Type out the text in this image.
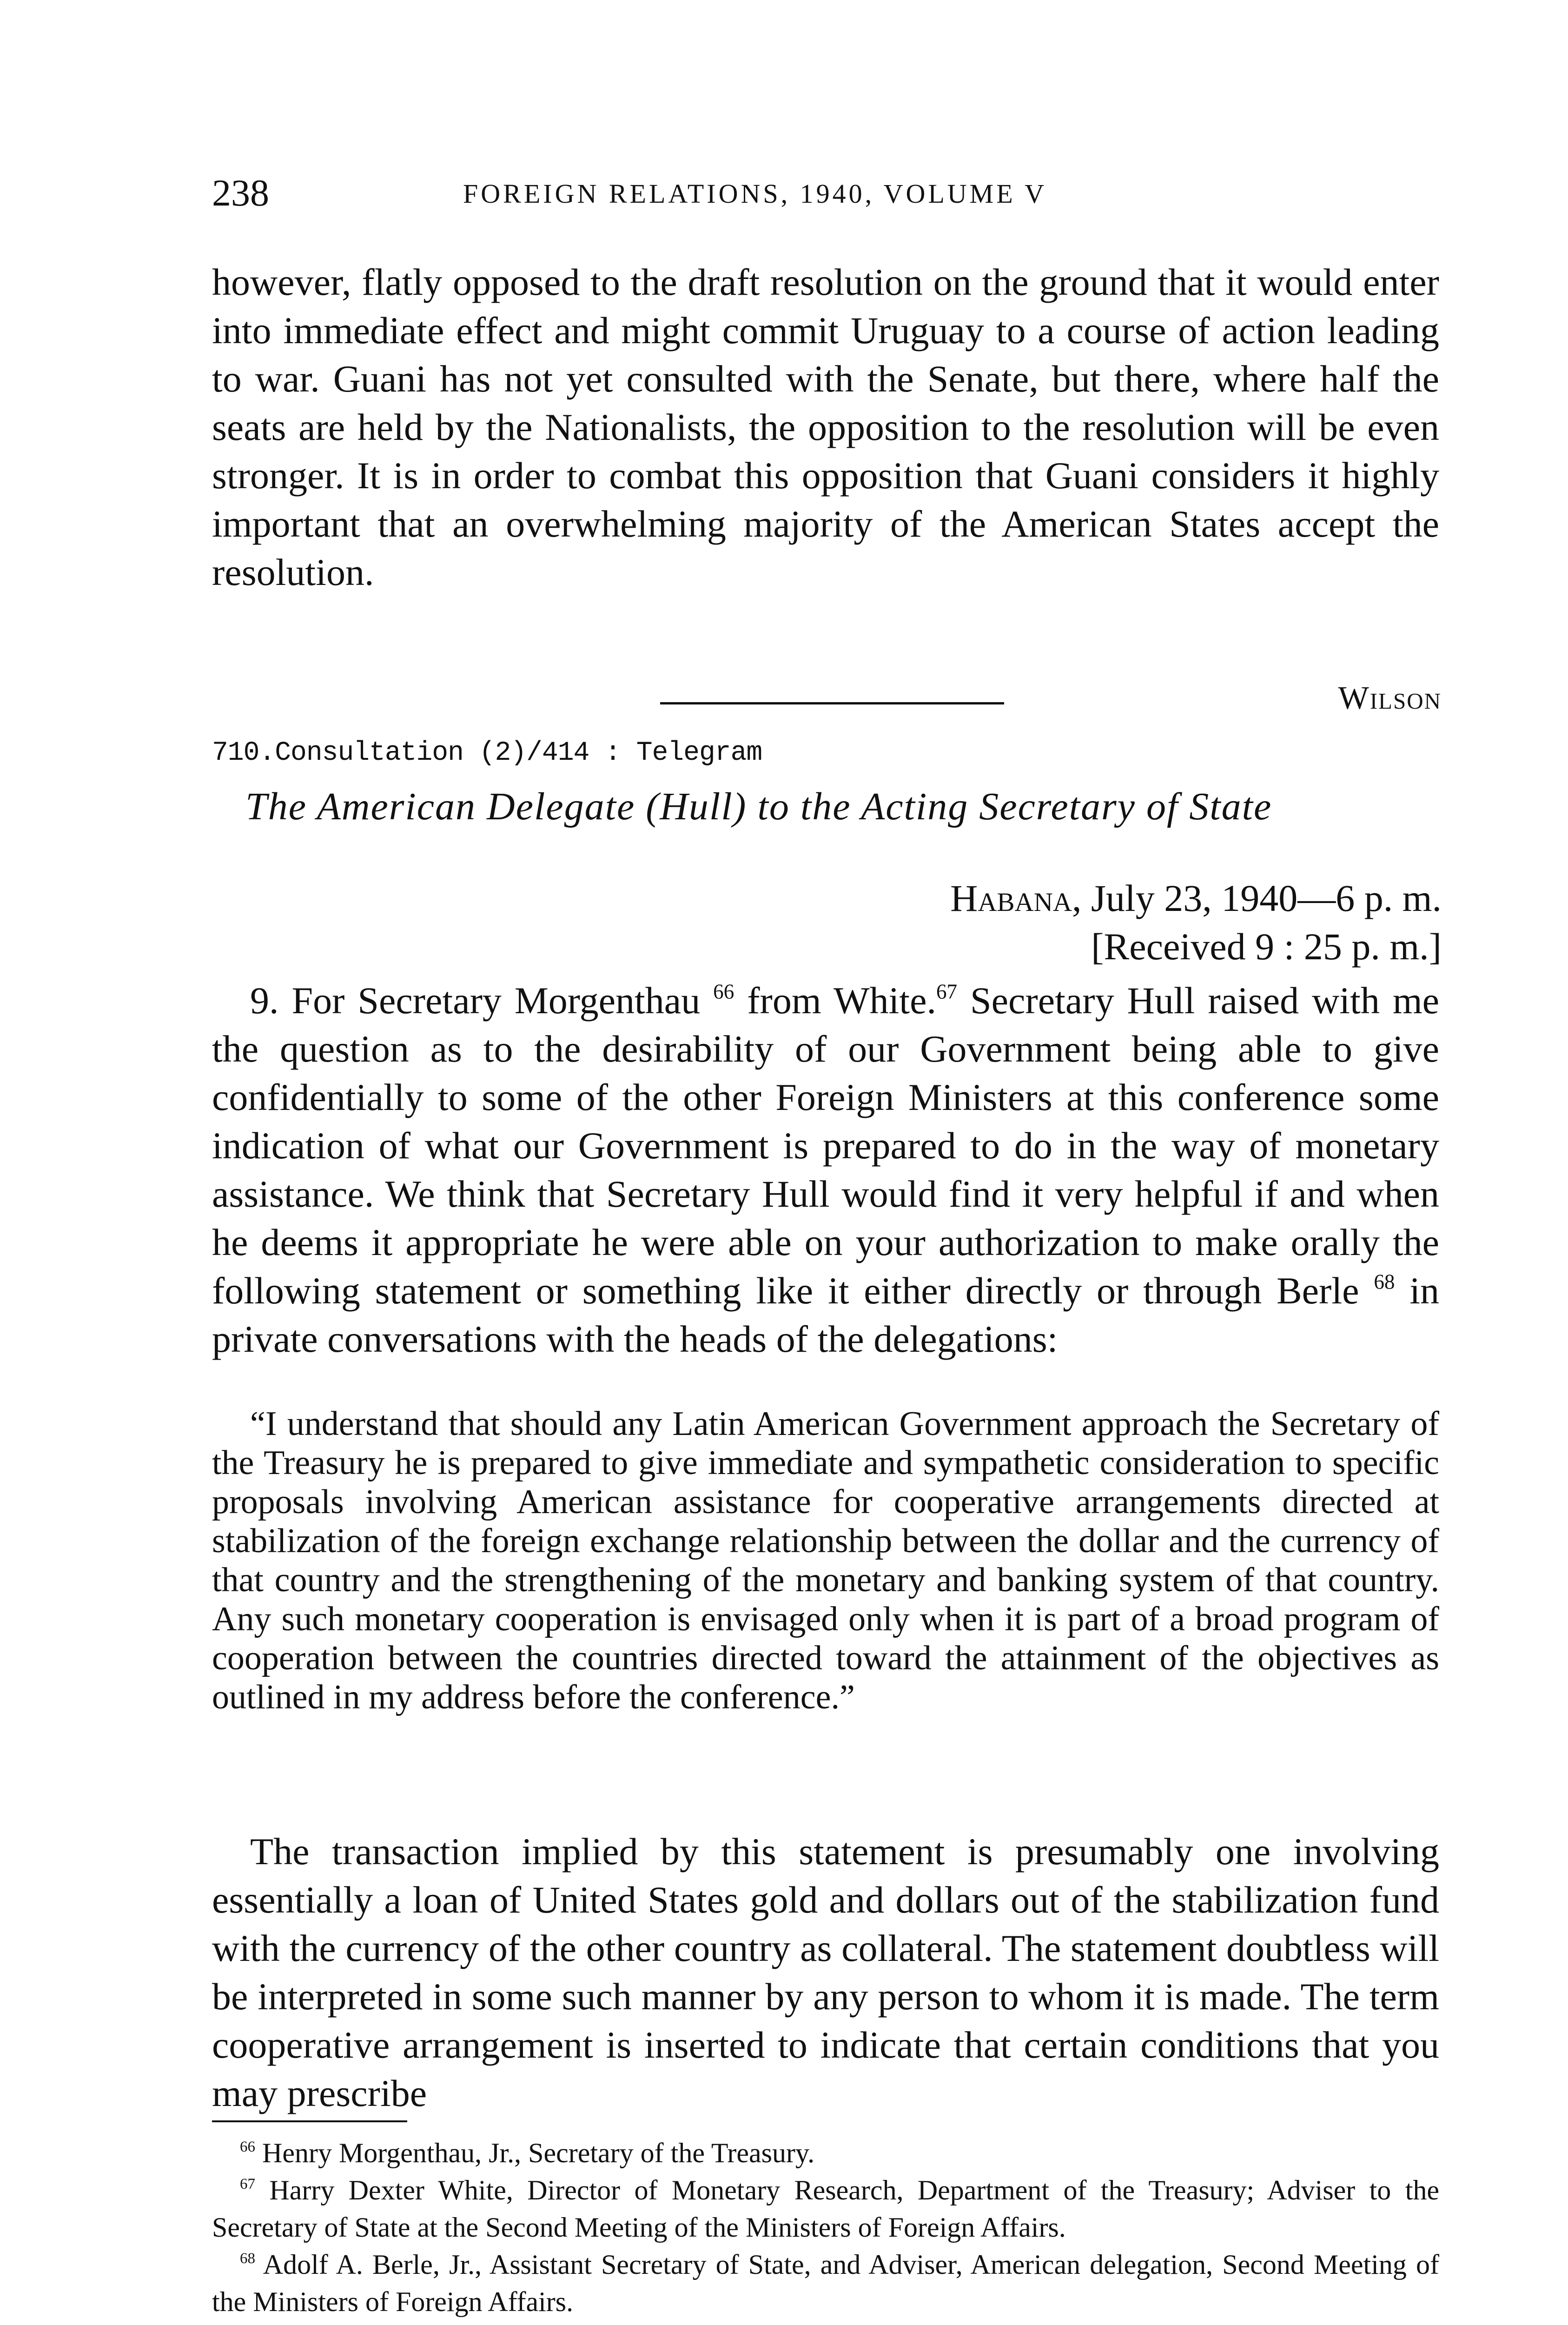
238	FOREIGN RELATIONS, 1940, VOLUME V

however, flatly opposed to the draft resolution on the ground that it would enter into immediate effect and might commit Uruguay to a course of action leading to war. Guani has not yet consulted with the Senate, but there, where half the seats are held by the Nationalists, the opposition to the resolution will be even stronger. It is in order to combat this opposition that Guani considers it highly important that an overwhelming majority of the American States accept the resolution.

Wilson
710.Consultation (2)/414 : Telegram
The American Delegate (Hull) to the Acting Secretary of State
Habana, July 23, 1940—6 p. m.
[Received 9 : 25 p. m.]

9. For Secretary Morgenthau $^{66}$ from White.$^{67}$ Secretary Hull raised with me the question as to the desirability of our Government being able to give confidentially to some of the other Foreign Ministers at this conference some indication of what our Government is prepared to do in the way of monetary assistance. We think that Secretary Hull would find it very helpful if and when he deems it appropriate he were able on your authorization to make orally the following statement or something like it either directly or through Berle $^{68}$ in private conversations with the heads of the delegations:

“I understand that should any Latin American Government approach the Secretary of the Treasury he is prepared to give immediate and sympathetic consideration to specific proposals involving American assistance for cooperative arrangements directed at stabilization of the foreign exchange relationship between the dollar and the currency of that country and the strengthening of the monetary and banking system of that country. Any such monetary cooperation is envisaged only when it is part of a broad program of cooperation between the countries directed toward the attainment of the objectives as outlined in my address before the conference.”

The transaction implied by this statement is presumably one involving essentially a loan of United States gold and dollars out of the stabilization fund with the currency of the other country as collateral. The statement doubtless will be interpreted in some such manner by any person to whom it is made. The term cooperative arrangement is inserted to indicate that certain conditions that you may prescribe

$^{66}$ Henry Morgenthau, Jr., Secretary of the Treasury.

$^{67}$ Harry Dexter White, Director of Monetary Research, Department of the Treasury; Adviser to the Secretary of State at the Second Meeting of the Ministers of Foreign Affairs.

$^{68}$ Adolf A. Berle, Jr., Assistant Secretary of State, and Adviser, American delegation, Second Meeting of the Ministers of Foreign Affairs.
